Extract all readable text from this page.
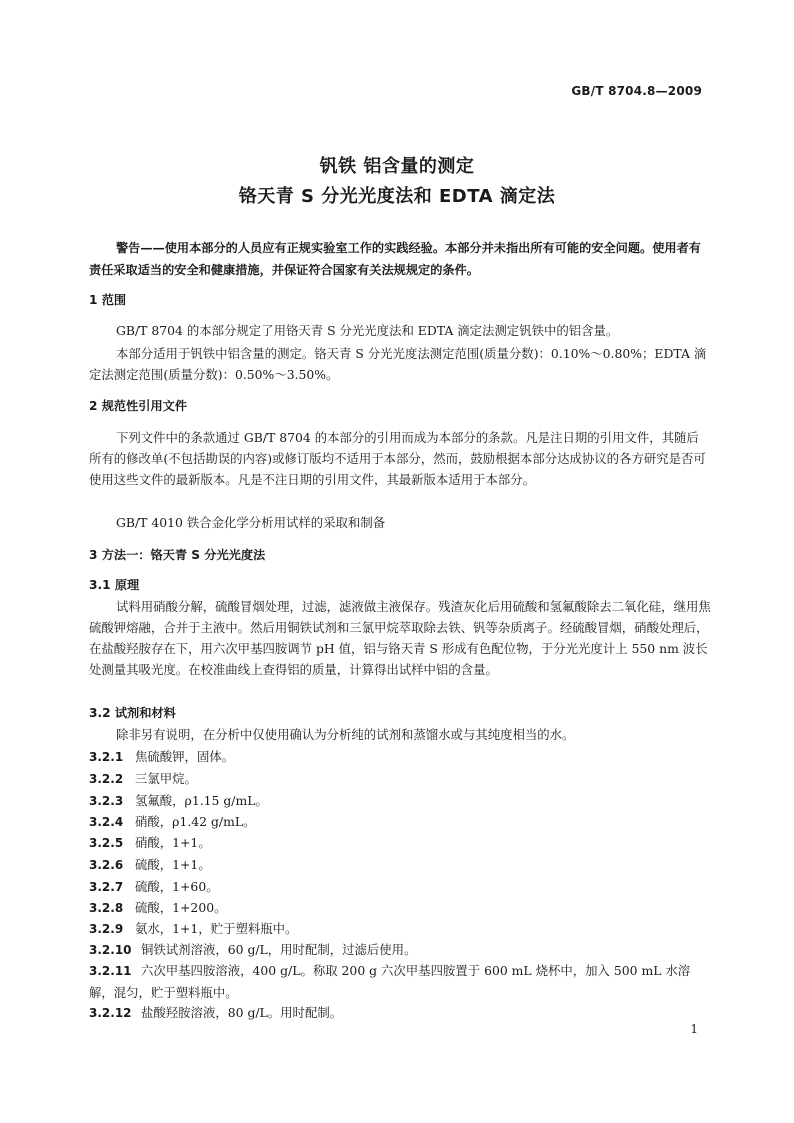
GB/T 8704.8—2009
钒铁 铝含量的测定
铬天青 S 分光光度法和 EDTA 滴定法
警告——使用本部分的人员应有正规实验室工作的实践经验。本部分并未指出所有可能的安全问题。使用者有责任采取适当的安全和健康措施，并保证符合国家有关法规规定的条件。
1 范围
GB/T 8704 的本部分规定了用铬天青 S 分光光度法和 EDTA 滴定法测定钒铁中的铝含量。
本部分适用于钒铁中铝含量的测定。铬天青 S 分光光度法测定范围(质量分数)：0.10%～0.80%；EDTA 滴定法测定范围(质量分数)：0.50%～3.50%。
2 规范性引用文件
下列文件中的条款通过 GB/T 8704 的本部分的引用而成为本部分的条款。凡是注日期的引用文件，其随后所有的修改单(不包括勘误的内容)或修订版均不适用于本部分，然而，鼓励根据本部分达成协议的各方研究是否可使用这些文件的最新版本。凡是不注日期的引用文件，其最新版本适用于本部分。
GB/T 4010 铁合金化学分析用试样的采取和制备
3 方法一：铬天青 S 分光光度法
3.1 原理
试料用硝酸分解，硫酸冒烟处理，过滤，滤液做主液保存。残渣灰化后用硫酸和氢氟酸除去二氧化硅，继用焦硫酸钾熔融，合并于主液中。然后用铜铁试剂和三氯甲烷萃取除去铁、钒等杂质离子。经硫酸冒烟，硝酸处理后，在盐酸羟胺存在下，用六次甲基四胺调节 pH 值，铝与铬天青 S 形成有色配位物，于分光光度计上 550 nm 波长处测量其吸光度。在校准曲线上查得铝的质量，计算得出试样中铝的含量。
3.2 试剂和材料
除非另有说明，在分析中仅使用确认为分析纯的试剂和蒸馏水或与其纯度相当的水。
3.2.1 焦硫酸钾，固体。
3.2.2 三氯甲烷。
3.2.3 氢氟酸，ρ1.15 g/mL。
3.2.4 硝酸，ρ1.42 g/mL。
3.2.5 硝酸，1+1。
3.2.6 硫酸，1+1。
3.2.7 硫酸，1+60。
3.2.8 硫酸，1+200。
3.2.9 氨水，1+1，贮于塑料瓶中。
3.2.10 铜铁试剂溶液，60 g/L，用时配制，过滤后使用。
3.2.11 六次甲基四胺溶液，400 g/L。称取 200 g 六次甲基四胺置于 600 mL 烧杯中，加入 500 mL 水溶解，混匀，贮于塑料瓶中。
3.2.12 盐酸羟胺溶液，80 g/L。用时配制。
1
